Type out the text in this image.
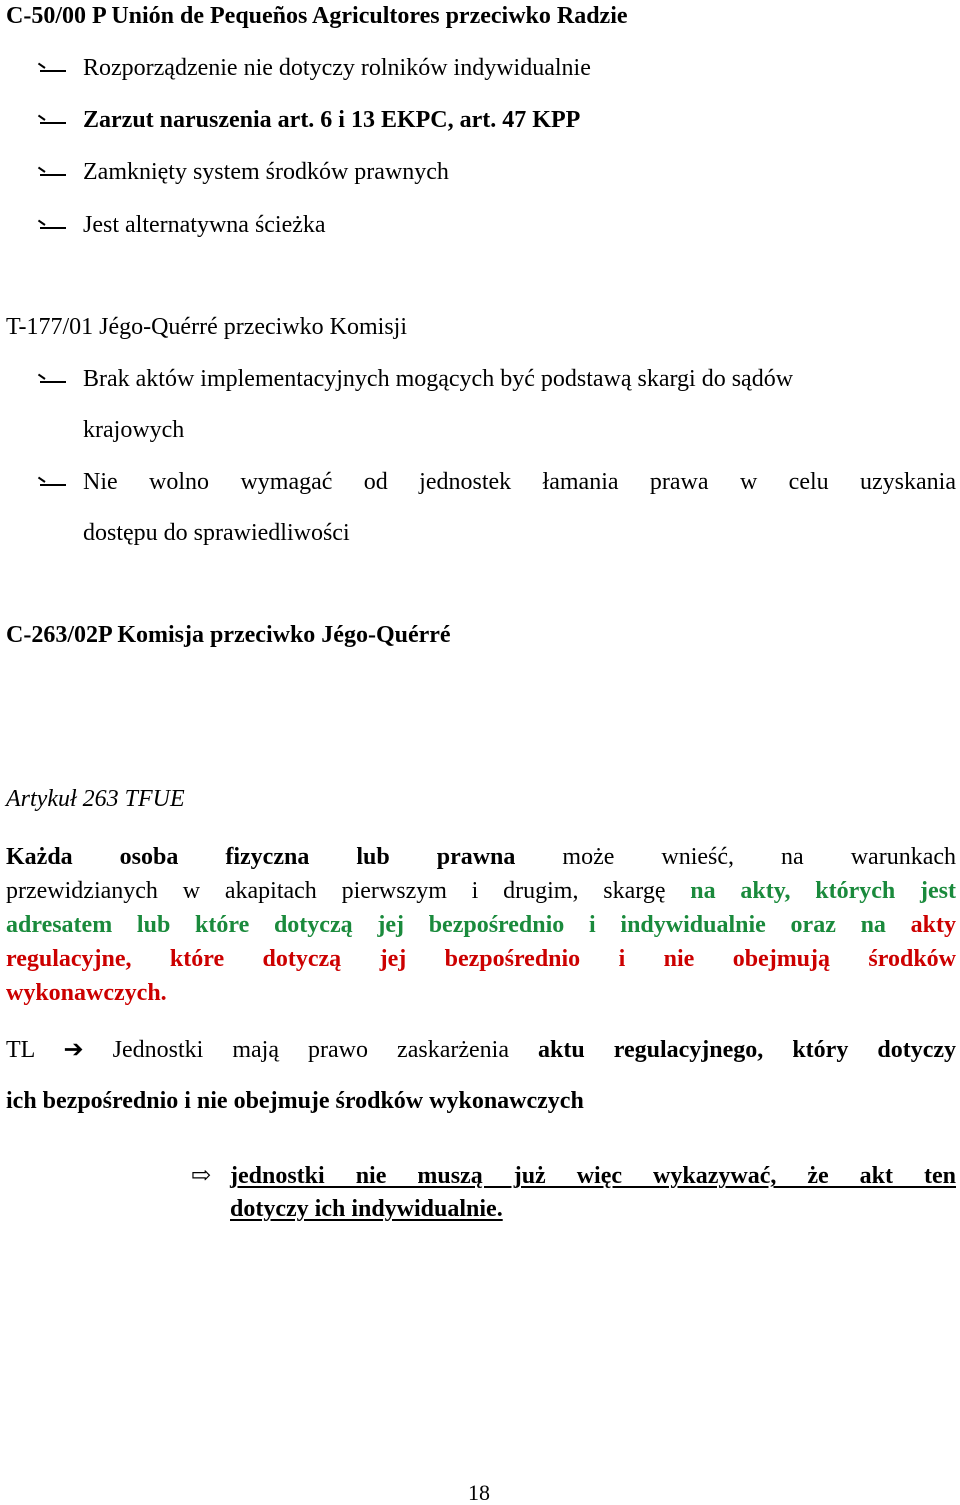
C-50/00 P Unión de Pequeños Agricultores przeciwko Radzie
Rozporządzenie nie dotyczy rolników indywidualnie
Zarzut naruszenia art. 6 i 13 EKPC, art. 47 KPP
Zamknięty system środków prawnych
Jest alternatywna ścieżka
T-177/01 Jégo-Quérré przeciwko Komisji
Brak aktów implementacyjnych mogących być podstawą skargi do sądów
krajowych
Nie wolno wymagać od jednostek łamania prawa w celu uzyskania
dostępu do sprawiedliwości
C-263/02P Komisja przeciwko Jégo-Quérré
Artykuł 263 TFUE
Każda osoba fizyczna lub prawna może wnieść, na warunkach
przewidzianych w akapitach pierwszym i drugim, skargę na akty, których jest
adresatem lub które dotyczą jej bezpośrednio i indywidualnie oraz na akty
regulacyjne, które dotyczą jej bezpośrednio i nie obejmują środków
wykonawczych.
TL ➔ Jednostki mają prawo zaskarżenia aktu regulacyjnego, który dotyczy
ich bezpośrednio i nie obejmuje środków wykonawczych
⇨ jednostki nie muszą już więc wykazywać, że akt ten
dotyczy ich indywidualnie.
18
